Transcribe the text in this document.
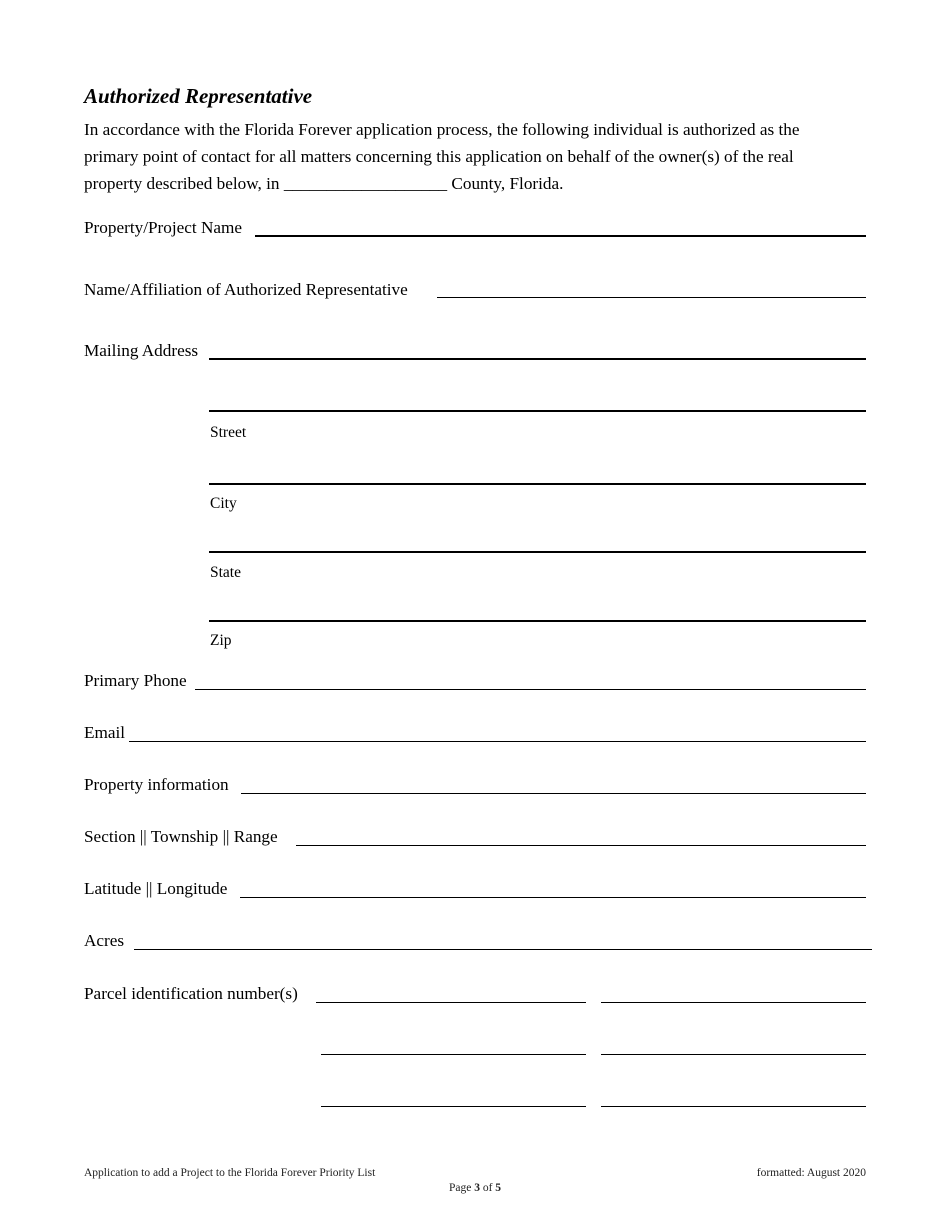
Authorized Representative

In accordance with the Florida Forever application process, the following individual is authorized as the

primary point of contact for all matters concerning this application on behalf of the owner(s) of the real

property described below, in ___________________ County, Florida.

Property/Project Name
Name/Affiliation of Authorized Representative
Mailing Address
Street
City
State
Zip
Primary Phone
Email
Property information
Section || Township || Range
Latitude || Longitude
Acres
Parcel identification number(s)
Application to add a Project to the Florida Forever Priority List	formatted: August 2020
Page 3 of 5
